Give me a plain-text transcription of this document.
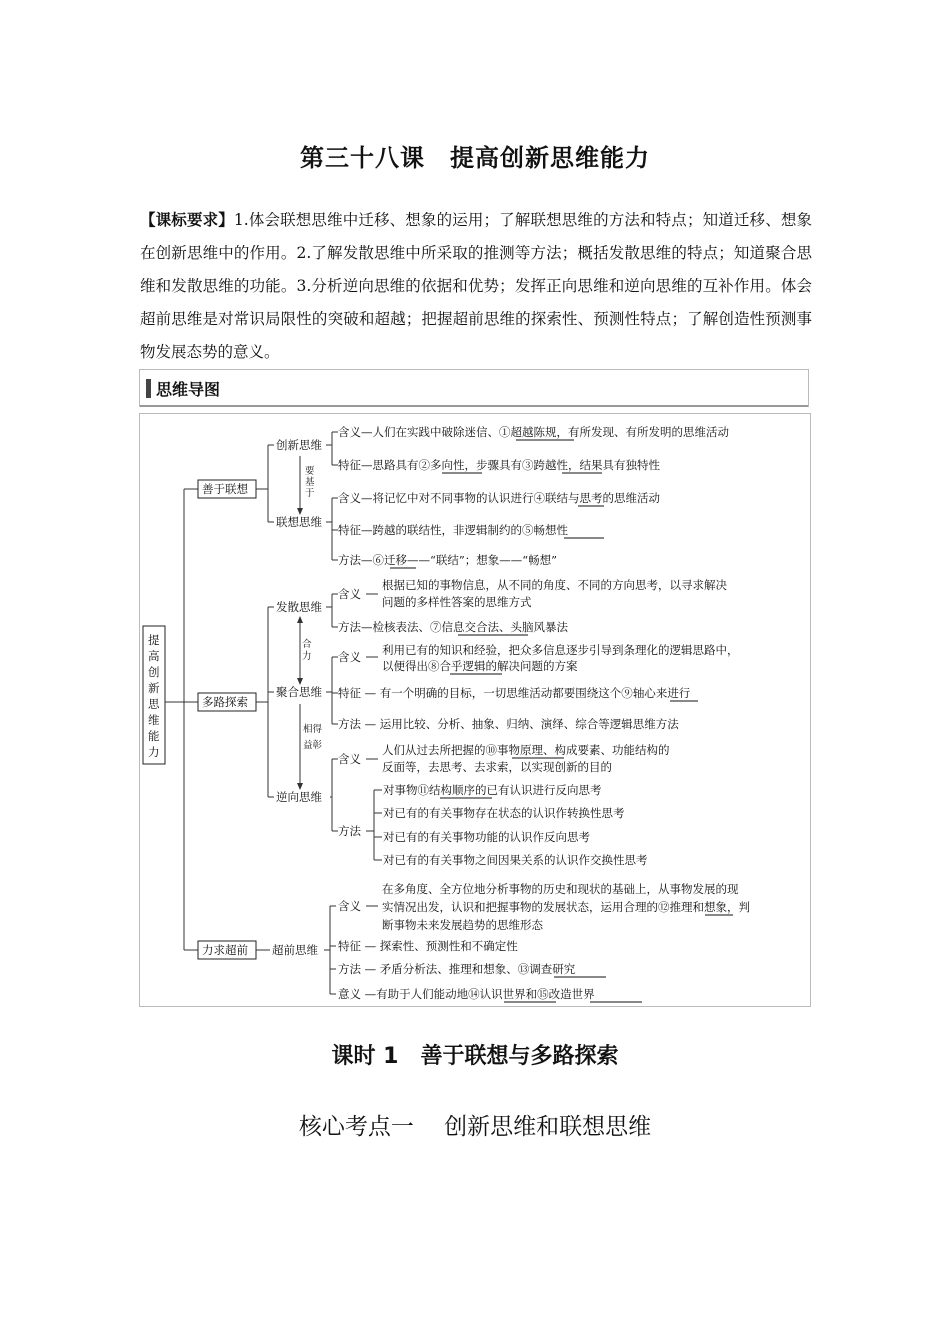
第三十八课　提高创新思维能力
【课标要求】1.体会联想思维中迁移、想象的运用；了解联想思维的方法和特点；知道迁移、想象在创新思维中的作用。2.了解发散思维中所采取的推测等方法；概括发散思维的特点；知道聚合思维和发散思维的功能。3.分析逆向思维的依据和优势；发挥正向思维和逆向思维的互补作用。体会超前思维是对常识局限性的突破和超越；把握超前思维的探索性、预测性特点；了解创造性预测事物发展态势的意义。
思维导图
提
高
创
新
思
维
能
力
善于联想
多路探索
力求超前
创新思维
联想思维
要
基
于
含义—人们在实践中破除迷信、①超越陈规，有所发现、有所发明的思维活动
特征—思路具有②多向性，步骤具有③跨越性，结果具有独特性
含义—将记忆中对不同事物的认识进行④联结与思考的思维活动
特征—跨越的联结性，非逻辑制约的⑤畅想性
方法—⑥迁移——“联结”；想象——“畅想”
发散思维
聚合思维
逆向思维
合
力
相得
益彰
含义
根据已知的事物信息，从不同的角度、不同的方向思考，以寻求解决
问题的多样性答案的思维方式
方法—检核表法、⑦信息交合法、头脑风暴法
含义 利用已有的知识和经验，把众多信息逐步引导到条理化的逻辑思路中，
以便得出⑧合乎逻辑的解决问题的方案
特征 — 有一个明确的目标，一切思维活动都要围绕这个⑨轴心来进行
方法 — 运用比较、分析、抽象、归纳、演绎、综合等逻辑思维方法
含义
人们从过去所把握的⑩事物原理、构成要素、功能结构的
反面等，去思考、去求索，以实现创新的目的
方法
对事物⑪结构顺序的已有认识进行反向思考
对已有的有关事物存在状态的认识作转换性思考
对已有的有关事物功能的认识作反向思考
对已有的有关事物之间因果关系的认识作交换性思考
超前思维
含义
在多角度、全方位地分析事物的历史和现状的基础上，从事物发展的现
实情况出发，认识和把握事物的发展状态，运用合理的⑫推理和想象，判
断事物未来发展趋势的思维形态
特征 — 探索性、预测性和不确定性
方法 — 矛盾分析法、推理和想象、⑬调查研究
意义 —有助于人们能动地⑭认识世界和⑮改造世界
课时 1　善于联想与多路探索
核心考点一　 创新思维和联想思维
